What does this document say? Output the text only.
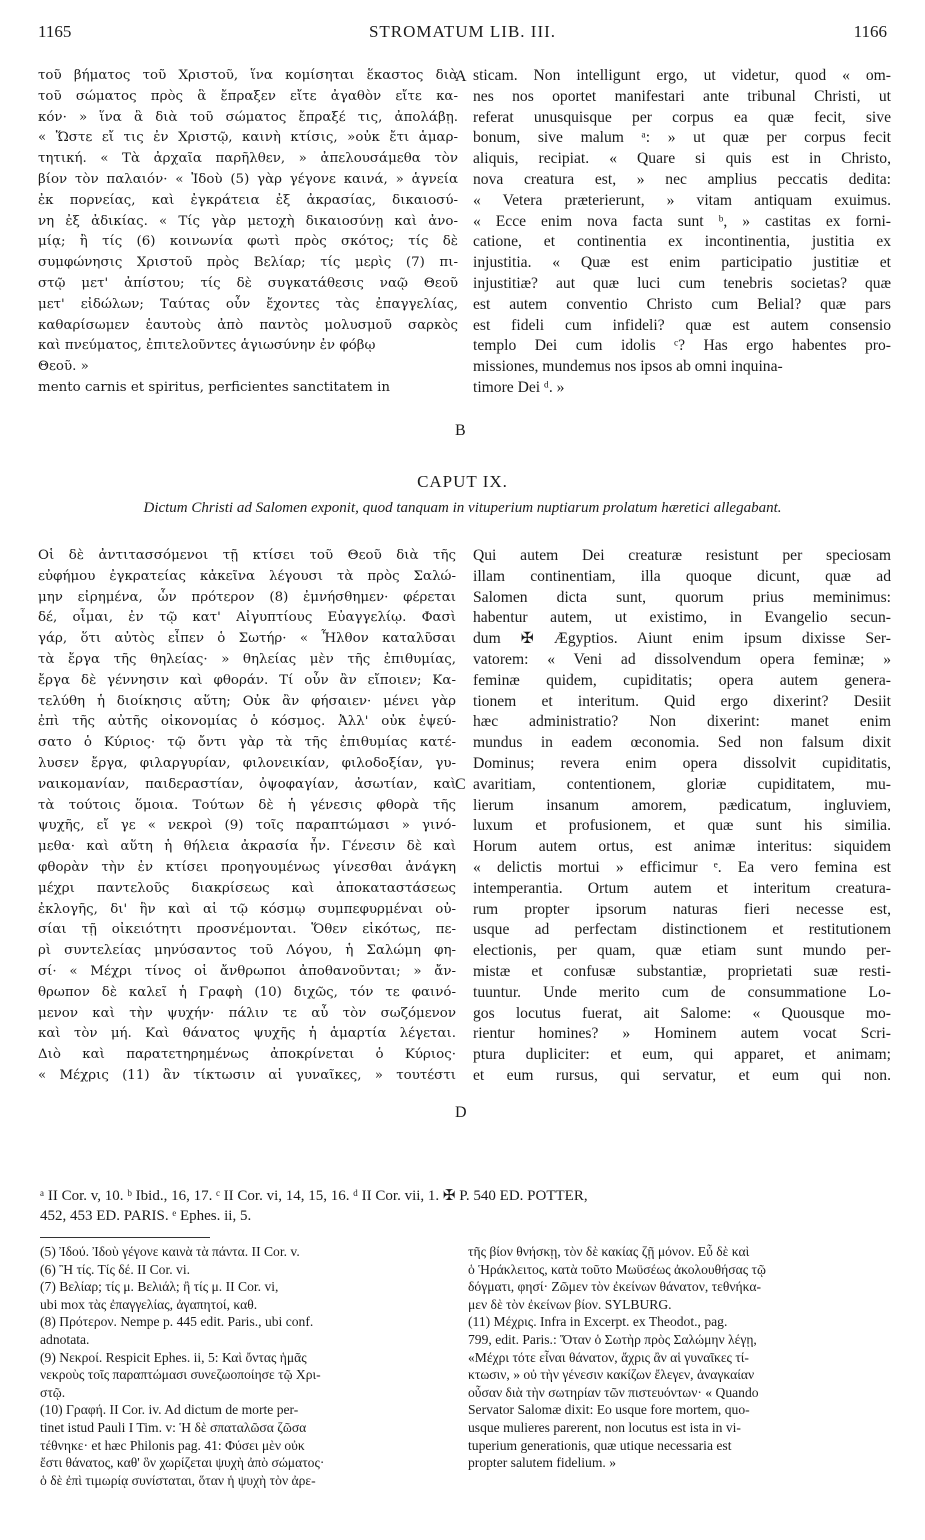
1165	STROMATUM LIB. III.	1166
τοῦ βήματος τοῦ Χριστοῦ, ἵνα κομίσηται ἕκαστος διὰ
τοῦ σώματος πρὸς ἃ ἔπραξεν εἴτε ἀγαθὸν εἴτε κα-
κόν· » ἵνα ἃ διὰ τοῦ σώματος ἔπραξέ τις, ἀπολάβῃ.
« Ὥστε εἴ τις ἐν Χριστῷ, καινὴ κτίσις, »οὐκ ἔτι ἁμαρ-
τητική. « Τὰ ἀρχαῖα παρῆλθεν, » ἀπελουσάμεθα τὸν
βίον τὸν παλαιόν· « Ἰδοὺ (5) γὰρ γέγονε καινά, » ἁγνεία
ἐκ πορνείας, καὶ ἐγκράτεια ἐξ ἀκρασίας, δικαιοσύ-
νη ἐξ ἀδικίας. « Τίς γὰρ μετοχὴ δικαιοσύνῃ καὶ ἀνο-
μίᾳ; ἢ τίς (6) κοινωνία φωτὶ πρὸς σκότος; τίς δὲ
συμφώνησις Χριστοῦ πρὸς Βελίαρ; τίς μερὶς (7) πι-
στῷ μετ' ἀπίστου; τίς δὲ συγκατάθεσις ναῷ Θεοῦ
μετ' εἰδώλων; Ταύτας οὖν ἔχοντες τὰς ἐπαγγελίας,
καθαρίσωμεν ἑαυτοὺς ἀπὸ παντὸς μολυσμοῦ σαρκὸς
καὶ πνεύματος, ἐπιτελοῦντες ἁγιωσύνην ἐν φόβῳ
Θεοῦ. »
mento carnis et spiritus, perficientes sanctitatem in
sticam. Non intelligunt ergo, ut videtur, quod « om-
nes nos oportet manifestari ante tribunal Christi, ut
referat unusquisque per corpus ea quæ fecit, sive
bonum, sive malum ᵃ: » ut quæ per corpus fecit
aliquis, recipiat. « Quare si quis est in Christo,
nova creatura est, » nec amplius peccatis dedita:
« Vetera præterierunt, » vitam antiquam exuimus.
« Ecce enim nova facta sunt ᵇ, » castitas ex forni-
catione, et continentia ex incontinentia, justitia ex
injustitia. « Quæ est enim participatio justitiæ et
injustitiæ? aut quæ luci cum tenebris societas? quæ
est autem conventio Christo cum Belial? quæ pars
est fideli cum infideli? quæ est autem consensio
templo Dei cum idolis ᶜ? Has ergo habentes pro-
missiones, mundemus nos ipsos ab omni inquina-
timore Dei ᵈ. »
A
B
CAPUT IX.
Dictum Christi ad Salomen exponit, quod tanquam in vituperium nuptiarum prolatum hæretici allegabant.
Οἱ δὲ ἀντιτασσόμενοι τῇ κτίσει τοῦ Θεοῦ διὰ τῆς
εὐφήμου ἐγκρατείας κἀκεῖνα λέγουσι τὰ πρὸς Σαλώ-
μην εἰρημένα, ὧν πρότερον (8) ἐμνήσθημεν· φέρεται
δέ, οἶμαι, ἐν τῷ κατ' Αἰγυπτίους Εὐαγγελίῳ. Φασὶ
γάρ, ὅτι αὐτὸς εἶπεν ὁ Σωτήρ· « Ἦλθον καταλῦσαι
τὰ ἔργα τῆς θηλείας· » θηλείας μὲν τῆς ἐπιθυμίας,
ἔργα δὲ γέννησιν καὶ φθοράν. Τί οὖν ἂν εἴποιεν; Κα-
τελύθη ἡ διοίκησις αὕτη; Οὐκ ἂν φήσαιεν· μένει γὰρ
ἐπὶ τῆς αὐτῆς οἰκονομίας ὁ κόσμος. Ἀλλ' οὐκ ἐψεύ-
σατο ὁ Κύριος· τῷ ὄντι γὰρ τὰ τῆς ἐπιθυμίας κατέ-
λυσεν ἔργα, φιλαργυρίαν, φιλονεικίαν, φιλοδοξίαν, γυ-
ναικομανίαν, παιδεραστίαν, ὀψοφαγίαν, ἀσωτίαν, καὶ
τὰ τούτοις ὅμοια. Τούτων δὲ ἡ γένεσις φθορὰ τῆς
ψυχῆς, εἴ γε « νεκροὶ (9) τοῖς παραπτώμασι » γινό-
μεθα· καὶ αὕτη ἡ θήλεια ἀκρασία ἦν. Γένεσιν δὲ καὶ
φθορὰν τὴν ἐν κτίσει προηγουμένως γίνεσθαι ἀνάγκη
μέχρι παντελοῦς διακρίσεως καὶ ἀποκαταστάσεως
ἐκλογῆς, δι' ἣν καὶ αἱ τῷ κόσμῳ συμπεφυρμέναι οὐ-
σίαι τῇ οἰκειότητι προσνέμονται. Ὅθεν εἰκότως, πε-
ρὶ συντελείας μηνύσαντος τοῦ Λόγου, ἡ Σαλώμη φη-
σί· « Μέχρι τίνος οἱ ἄνθρωποι ἀποθανοῦνται; » ἄν-
θρωπον δὲ καλεῖ ἡ Γραφὴ (10) διχῶς, τόν τε φαινό-
μενον καὶ τὴν ψυχήν· πάλιν τε αὖ τὸν σωζόμενον
καὶ τὸν μή. Καὶ θάνατος ψυχῆς ἡ ἁμαρτία λέγεται.
Διὸ καὶ παρατετηρημένως ἀποκρίνεται ὁ Κύριος·
« Μέχρις (11) ἂν τίκτωσιν αἱ γυναῖκες, » τουτέστι
Qui autem Dei creaturæ resistunt per speciosam
illam continentiam, illa quoque dicunt, quæ ad
Salomen dicta sunt, quorum prius meminimus:
habentur autem, ut existimo, in Evangelio secun-
dum ✠ Ægyptios. Aiunt enim ipsum dixisse Ser-
vatorem: « Veni ad dissolvendum opera feminæ; »
feminæ quidem, cupiditatis; opera autem genera-
tionem et interitum. Quid ergo dixerint? Desiit
hæc administratio? Non dixerint: manet enim
mundus in eadem œconomia. Sed non falsum dixit
Dominus; revera enim opera dissolvit cupiditatis,
avaritiam, contentionem, gloriæ cupiditatem, mu-
lierum insanum amorem, pædicatum, ingluviem,
luxum et profusionem, et quæ sunt his similia.
Horum autem ortus, est animæ interitus: siquidem
« delictis mortui » efficimur ᵉ. Ea vero femina est
intemperantia. Ortum autem et interitum creatura-
rum propter ipsorum naturas fieri necesse est,
usque ad perfectam distinctionem et restitutionem
electionis, per quam, quæ etiam sunt mundo per-
mistæ et confusæ substantiæ, proprietati suæ resti-
tuuntur. Unde merito cum de consummatione Lo-
gos locutus fuerat, ait Salome: « Quousque mo-
rientur homines? » Hominem autem vocat Scri-
ptura dupliciter: et eum, qui apparet, et animam;
et eum rursus, qui servatur, et eum qui non.
C
D
ᵃ II Cor. v, 10. ᵇ Ibid., 16, 17. ᶜ II Cor. vi, 14, 15, 16. ᵈ II Cor. vii, 1. ✠ P. 540 ED. POTTER,
452, 453 ED. PARIS. ᵉ Ephes. ii, 5.
(5) Ἰδού. Ἰδοὺ γέγονε καινὰ τὰ πάντα. II Cor. v.
(6) Ἢ τίς. Τίς δέ. II Cor. vi.
(7) Βελίαρ; τίς μ. Βελιάλ; ἢ τίς μ. II Cor. vi,
ubi mox τὰς ἐπαγγελίας, ἀγαπητοί, καθ.
(8) Πρότερον. Nempe p. 445 edit. Paris., ubi conf.
adnotata.
(9) Νεκροί. Respicit Ephes. ii, 5: Καὶ ὄντας ἡμᾶς
νεκροὺς τοῖς παραπτώμασι συνεζωοποίησε τῷ Χρι-
στῷ.
(10) Γραφή. II Cor. iv. Ad dictum de morte per-
tinet istud Pauli I Tim. v: Ἡ δὲ σπαταλῶσα ζῶσα
τέθνηκε· et hæc Philonis pag. 41: Φύσει μὲν οὐκ
ἔστι θάνατος, καθ' ὃν χωρίζεται ψυχὴ ἀπὸ σώματος·
ὁ δὲ ἐπὶ τιμωρίᾳ συνίσταται, ὅταν ἡ ψυχὴ τὸν ἀρε-
τῆς βίον θνήσκῃ, τὸν δὲ κακίας ζῇ μόνον. Εὖ δὲ καὶ
ὁ Ἡράκλειτος, κατὰ τοῦτο Μωϋσέως ἀκολουθήσας τῷ
δόγματι, φησί· Ζῶμεν τὸν ἐκείνων θάνατον, τεθνήκα-
μεν δὲ τὸν ἐκείνων βίον. SYLBURG.
(11) Μέχρις. Infra in Excerpt. ex Theodot., pag.
799, edit. Paris.: Ὅταν ὁ Σωτὴρ πρὸς Σαλώμην λέγῃ,
«Μέχρι τότε εἶναι θάνατον, ἄχρις ἂν αἱ γυναῖκες τί-
κτωσιν, » οὐ τὴν γένεσιν κακίζων ἔλεγεν, ἀναγκαίαν
οὖσαν διὰ τὴν σωτηρίαν τῶν πιστευόντων· « Quando
Servator Salomæ dixit: Eo usque fore mortem, quo-
usque mulieres parerent, non locutus est ista in vi-
tuperium generationis, quæ utique necessaria est
propter salutem fidelium. »
